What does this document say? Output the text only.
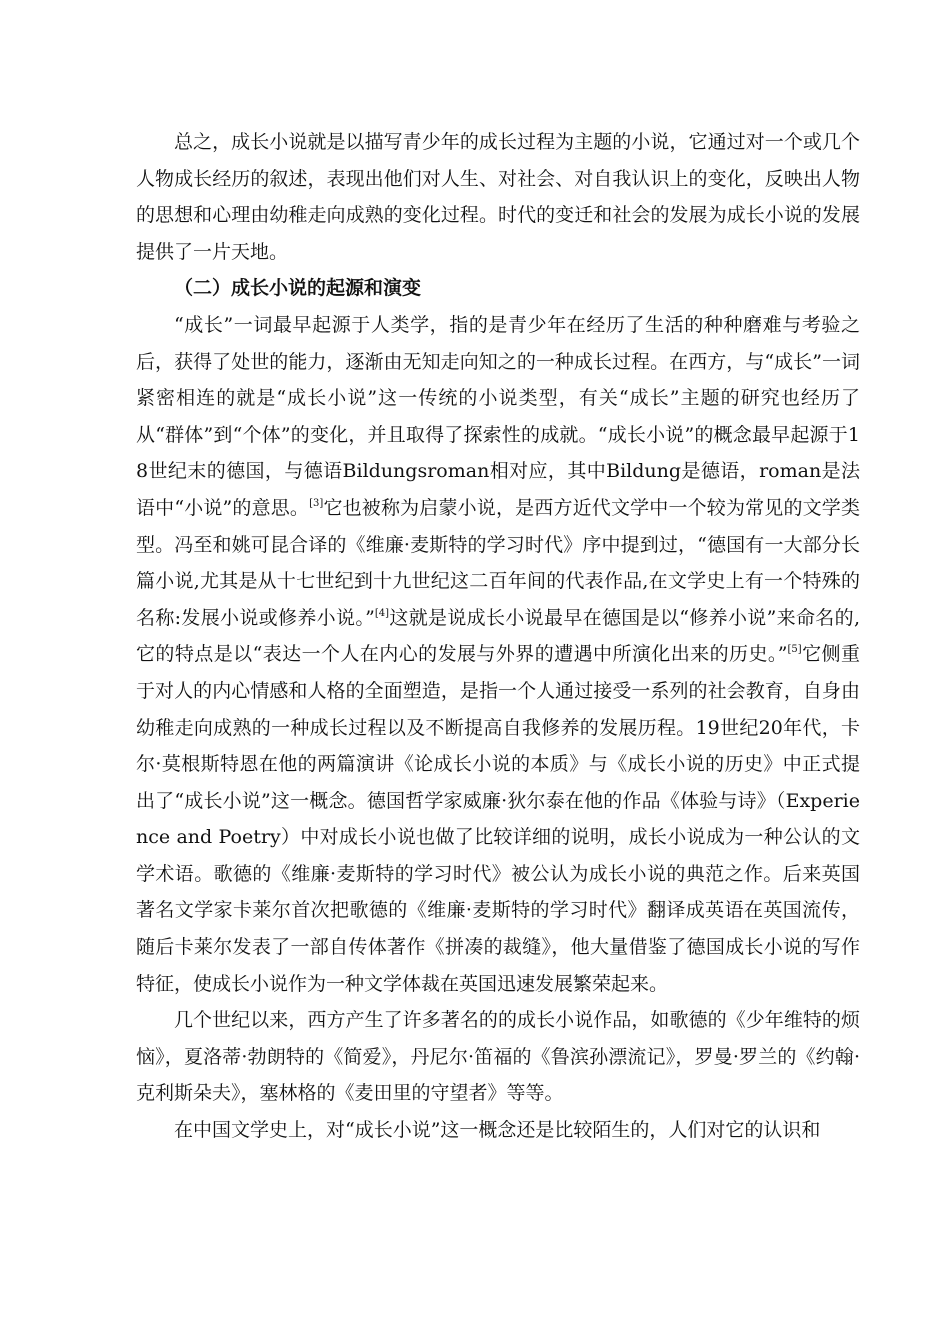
总之，成长小说就是以描写青少年的成长过程为主题的小说，它通过对一个或几个人物成长经历的叙述，表现出他们对人生、对社会、对自我认识上的变化，反映出人物的思想和心理由幼稚走向成熟的变化过程。时代的变迁和社会的发展为成长小说的发展提供了一片天地。

（二）成长小说的起源和演变

“成长”一词最早起源于人类学，指的是青少年在经历了生活的种种磨难与考验之后，获得了处世的能力，逐渐由无知走向知之的一种成长过程。在西方，与“成长”一词紧密相连的就是“成长小说”这一传统的小说类型，有关“成长”主题的研究也经历了从“群体”到“个体”的变化，并且取得了探索性的成就。“成长小说”的概念最早起源于18世纪末的德国，与德语Bildungsroman相对应，其中Bildung是德语，roman是法语中“小说”的意思。[3]它也被称为启蒙小说，是西方近代文学中一个较为常见的文学类型。冯至和姚可昆合译的《维廉·麦斯特的学习时代》序中提到过，“德国有一大部分长篇小说,尤其是从十七世纪到十九世纪这二百年间的代表作品,在文学史上有一个特殊的名称:发展小说或修养小说。”[4]这就是说成长小说最早在德国是以“修养小说”来命名的,它的特点是以“表达一个人在内心的发展与外界的遭遇中所演化出来的历史。”[5]它侧重于对人的内心情感和人格的全面塑造，是指一个人通过接受一系列的社会教育，自身由幼稚走向成熟的一种成长过程以及不断提高自我修养的发展历程。19世纪20年代，卡尔·莫根斯特恩在他的两篇演讲《论成长小说的本质》与《成长小说的历史》中正式提出了“成长小说”这一概念。德国哲学家威廉·狄尔泰在他的作品《体验与诗》（Experience and Poetry）中对成长小说也做了比较详细的说明，成长小说成为一种公认的文学术语。歌德的《维廉·麦斯特的学习时代》被公认为成长小说的典范之作。后来英国著名文学家卡莱尔首次把歌德的《维廉·麦斯特的学习时代》翻译成英语在英国流传，随后卡莱尔发表了一部自传体著作《拼凑的裁缝》，他大量借鉴了德国成长小说的写作特征，使成长小说作为一种文学体裁在英国迅速发展繁荣起来。

几个世纪以来，西方产生了许多著名的的成长小说作品，如歌德的《少年维特的烦恼》，夏洛蒂·勃朗特的《简爱》，丹尼尔·笛福的《鲁滨孙漂流记》，罗曼·罗兰的《约翰·克利斯朵夫》，塞林格的《麦田里的守望者》等等。

在中国文学史上，对“成长小说”这一概念还是比较陌生的，人们对它的认识和
